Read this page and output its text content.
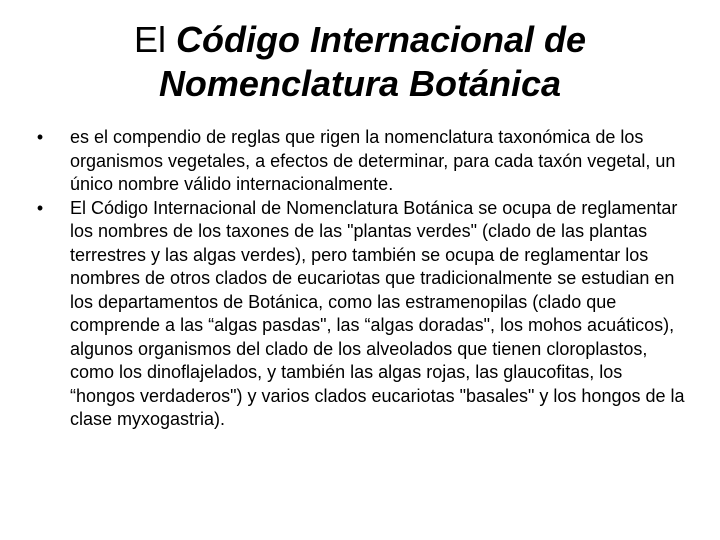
El Código Internacional de
Nomenclatura Botánica
•	es el compendio de reglas que rigen la nomenclatura taxonómica de los organismos vegetales, a efectos de determinar, para cada taxón vegetal, un único nombre válido internacionalmente.
•	El Código Internacional de Nomenclatura Botánica se ocupa de reglamentar los nombres de los taxones de las "plantas verdes" (clado de las plantas terrestres y las algas verdes), pero también se ocupa de reglamentar los nombres de otros clados de eucariotas que tradicionalmente se estudian en los departamentos de Botánica, como las estramenopilas (clado que comprende a las “algas pasdas", las “algas doradas", los mohos acuáticos), algunos organismos del clado de los alveolados que tienen cloroplastos, como los dinoflajelados, y también las algas rojas, las glaucofitas, los “hongos verdaderos") y varios clados eucariotas "basales" y los hongos de la clase myxogastria).
